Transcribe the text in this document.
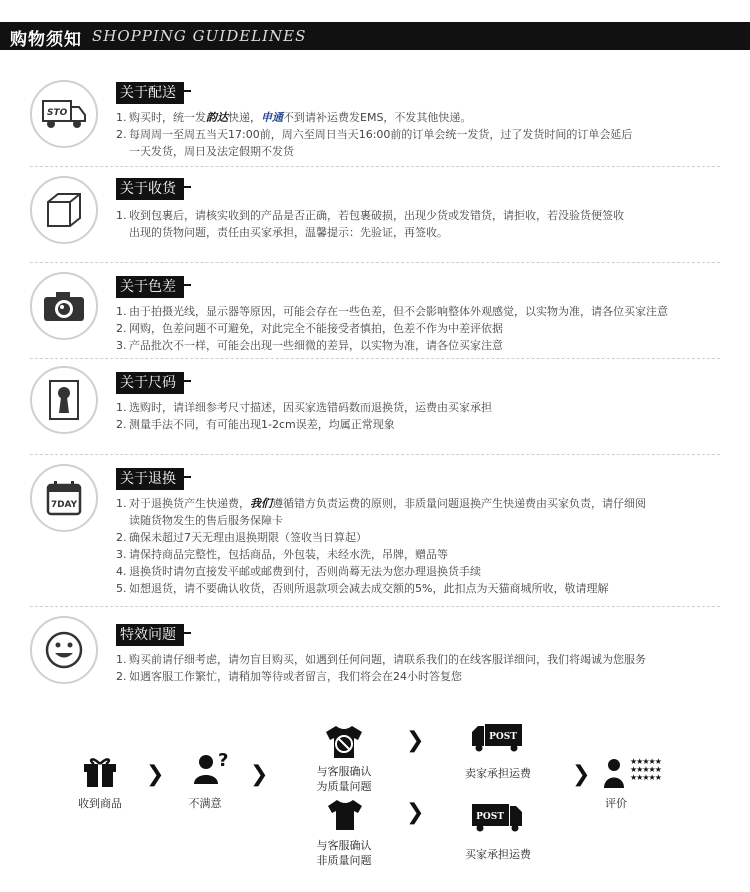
购物须知 SHOPPING GUIDELINES
STO
关于配送
1. 购买时，统一发韵达快递，申通不到请补运费发EMS，不发其他快递。
2. 每周周一至周五当天17:00前，周六至周日当天16:00前的订单会统一发货，过了发货时间的订单会延后
一天发货，周日及法定假期不发货
关于收货
1. 收到包裹后，请核实收到的产品是否正确，若包裹破损，出现少货或发错货，请拒收，若没验货便签收
出现的货物问题，责任由买家承担，温馨提示：先验证，再签收。
关于色差
1. 由于拍摄光线，显示器等原因，可能会存在一些色差，但不会影响整体外观感觉，以实物为准，请各位买家注意
2. 网购，色差问题不可避免，对此完全不能接受者慎拍，色差不作为中差评依据
3. 产品批次不一样，可能会出现一些细微的差异，以实物为准，请各位买家注意
关于尺码
1. 选购时，请详细参考尺寸描述，因买家选错码数而退换货，运费由买家承担
2. 测量手法不同，有可能出现1-2cm误差，均属正常现象
7DAY
关于退换
1. 对于退换货产生快递费，我们遵循错方负责运费的原则，非质量问题退换产生快递费由买家负责，请仔细阅
读随货物发生的售后服务保障卡
2. 确保未超过7天无理由退换期限（签收当日算起）
3. 请保持商品完整性，包括商品，外包装，未经水洗，吊牌，赠品等
4. 退换货时请勿直接发平邮或邮费到付，否则尚蓦无法为您办理退换货手续
5. 如想退货，请不要确认收货，否则所退款项会减去成交额的5%，此扣点为天猫商城所收，敬请理解
特效问题
1. 购买前请仔细考虑，请勿盲目购买，如遇到任何问题，请联系我们的在线客服详细问，我们将竭诚为您服务
2. 如遇客服工作繁忙，请稍加等待或者留言，我们将会在24小时答复您
收到商品
❯
?
不满意
❯	与客服确认
为质量问题
❯	POST
卖家承担运费	❯
★★★★★
★★★★★
★★★★★
评价
与客服确认
非质量问题
❯	POST
买家承担运费
